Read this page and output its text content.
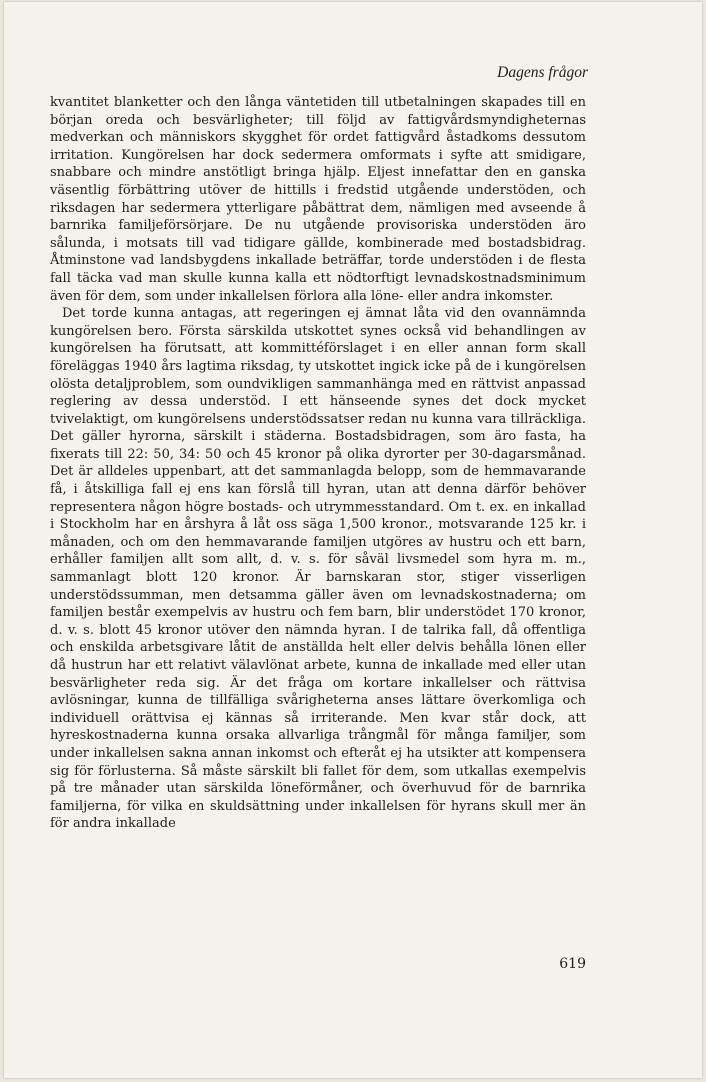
Dagens frågor

kvantitet blanketter och den långa väntetiden till utbetalningen skapades till en början oreda och besvärligheter; till följd av fattigvårdsmyndigheternas medverkan och människors skygghet för ordet fattigvård åstadkoms dessutom irritation. Kungörelsen har dock sedermera omformats i syfte att smidigare, snabbare och mindre anstötligt bringa hjälp. Eljest innefattar den en ganska väsentlig förbättring utöver de hittills i fredstid utgående understöden, och riksdagen har sedermera ytterligare påbättrat dem, nämligen med avseende å barnrika familjeförsörjare. De nu utgående provisoriska understöden äro sålunda, i motsats till vad tidigare gällde, kombinerade med bostadsbidrag. Åtminstone vad landsbygdens inkallade beträffar, torde understöden i de flesta fall täcka vad man skulle kunna kalla ett nödtorftigt levnadskostnadsminimum även för dem, som under inkallelsen förlora alla löne- eller andra inkomster.

Det torde kunna antagas, att regeringen ej ämnat låta vid den ovannämnda kungörelsen bero. Första särskilda utskottet synes också vid behandlingen av kungörelsen ha förutsatt, att kommittéförslaget i en eller annan form skall föreläggas 1940 års lagtima riksdag, ty utskottet ingick icke på de i kungörelsen olösta detaljproblem, som oundvikligen sammanhänga med en rättvist anpassad reglering av dessa understöd. I ett hänseende synes det dock mycket tvivelaktigt, om kungörelsens understödssatser redan nu kunna vara tillräckliga. Det gäller hyrorna, särskilt i städerna. Bostadsbidragen, som äro fasta, ha fixerats till 22: 50, 34: 50 och 45 kronor på olika dyrorter per 30-dagarsmånad. Det är alldeles uppenbart, att det sammanlagda belopp, som de hemmavarande få, i åtskilliga fall ej ens kan förslå till hyran, utan att denna därför behöver representera någon högre bostads- och utrymmesstandard. Om t. ex. en inkallad i Stockholm har en årshyra å låt oss säga 1,500 kronor., motsvarande 125 kr. i månaden, och om den hemmavarande familjen utgöres av hustru och ett barn, erhåller familjen allt som allt, d. v. s. för såväl livsmedel som hyra m. m., sammanlagt blott 120 kronor. Är barnskaran stor, stiger visserligen understödssumman, men detsamma gäller även om levnadskostnaderna; om familjen består exempelvis av hustru och fem barn, blir understödet 170 kronor, d. v. s. blott 45 kronor utöver den nämnda hyran. I de talrika fall, då offentliga och enskilda arbetsgivare låtit de anställda helt eller delvis behålla lönen eller då hustrun har ett relativt välavlönat arbete, kunna de inkallade med eller utan besvärligheter reda sig. Är det fråga om kortare inkallelser och rättvisa avlösningar, kunna de tillfälliga svårigheterna anses lättare överkomliga och individuell orättvisa ej kännas så irriterande. Men kvar står dock, att hyreskostnaderna kunna orsaka allvarliga trångmål för många familjer, som under inkallelsen sakna annan inkomst och efteråt ej ha utsikter att kompensera sig för förlusterna. Så måste särskilt bli fallet för dem, som utkallas exempelvis på tre månader utan särskilda löneförmåner, och överhuvud för de barnrika familjerna, för vilka en skuldsättning under inkallelsen för hyrans skull mer än för andra inkallade

619
